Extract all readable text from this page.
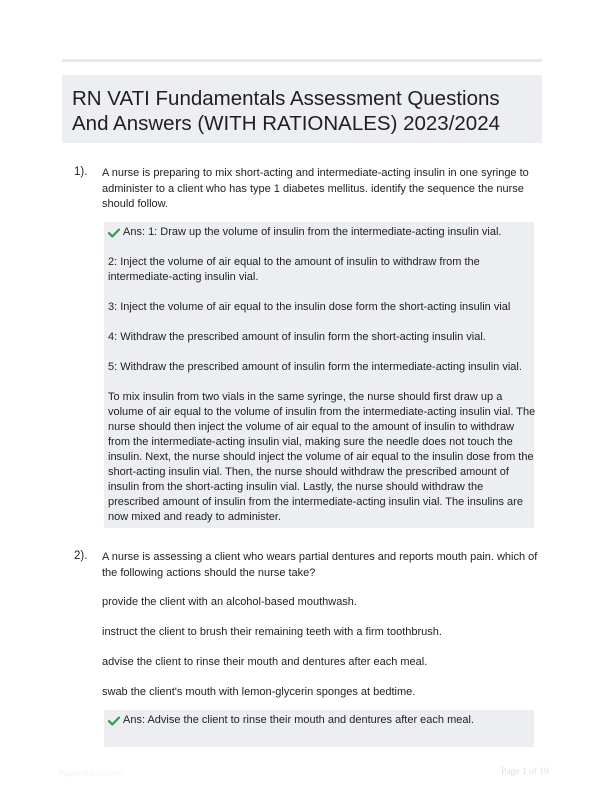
RN VATI Fundamentals Assessment Questions
And Answers (WITH RATIONALES) 2023/2024
1). A nurse is preparing to mix short-acting and intermediate-acting insulin in one syringe to
administer to a client who has type 1 diabetes mellitus. identify the sequence the nurse
should follow.
Ans: 1: Draw up the volume of insulin from the intermediate-acting insulin vial.
2: Inject the volume of air equal to the amount of insulin to withdraw from the
intermediate-acting insulin vial.
3: Inject the volume of air equal to the insulin dose form the short-acting insulin vial
4: Withdraw the prescribed amount of insulin form the short-acting insulin vial.
5: Withdraw the prescribed amount of insulin form the intermediate-acting insulin vial.
To mix insulin from two vials in the same syringe, the nurse should first draw up a volume of air equal to the volume of insulin from the intermediate-acting insulin vial. The nurse should then inject the volume of air equal to the amount of insulin to withdraw from the intermediate-acting insulin vial, making sure the needle does not touch the insulin. Next, the nurse should inject the volume of air equal to the insulin dose from the short-acting insulin vial. Then, the nurse should withdraw the prescribed amount of insulin from the short-acting insulin vial. Lastly, the nurse should withdraw the prescribed amount of insulin from the intermediate-acting insulin vial. The insulins are now mixed and ready to administer.
2). A nurse is assessing a client who wears partial dentures and reports mouth pain. which of
the following actions should the nurse take?
provide the client with an alcohol-based mouthwash.
instruct the client to brush their remaining teeth with a firm toothbrush.
advise the client to rinse their mouth and dentures after each meal.
swab the client's mouth with lemon-glycerin sponges at bedtime.
Ans: Advise the client to rinse their mouth and dentures after each meal.
Paperstiboi.com	Page 1 of 19
